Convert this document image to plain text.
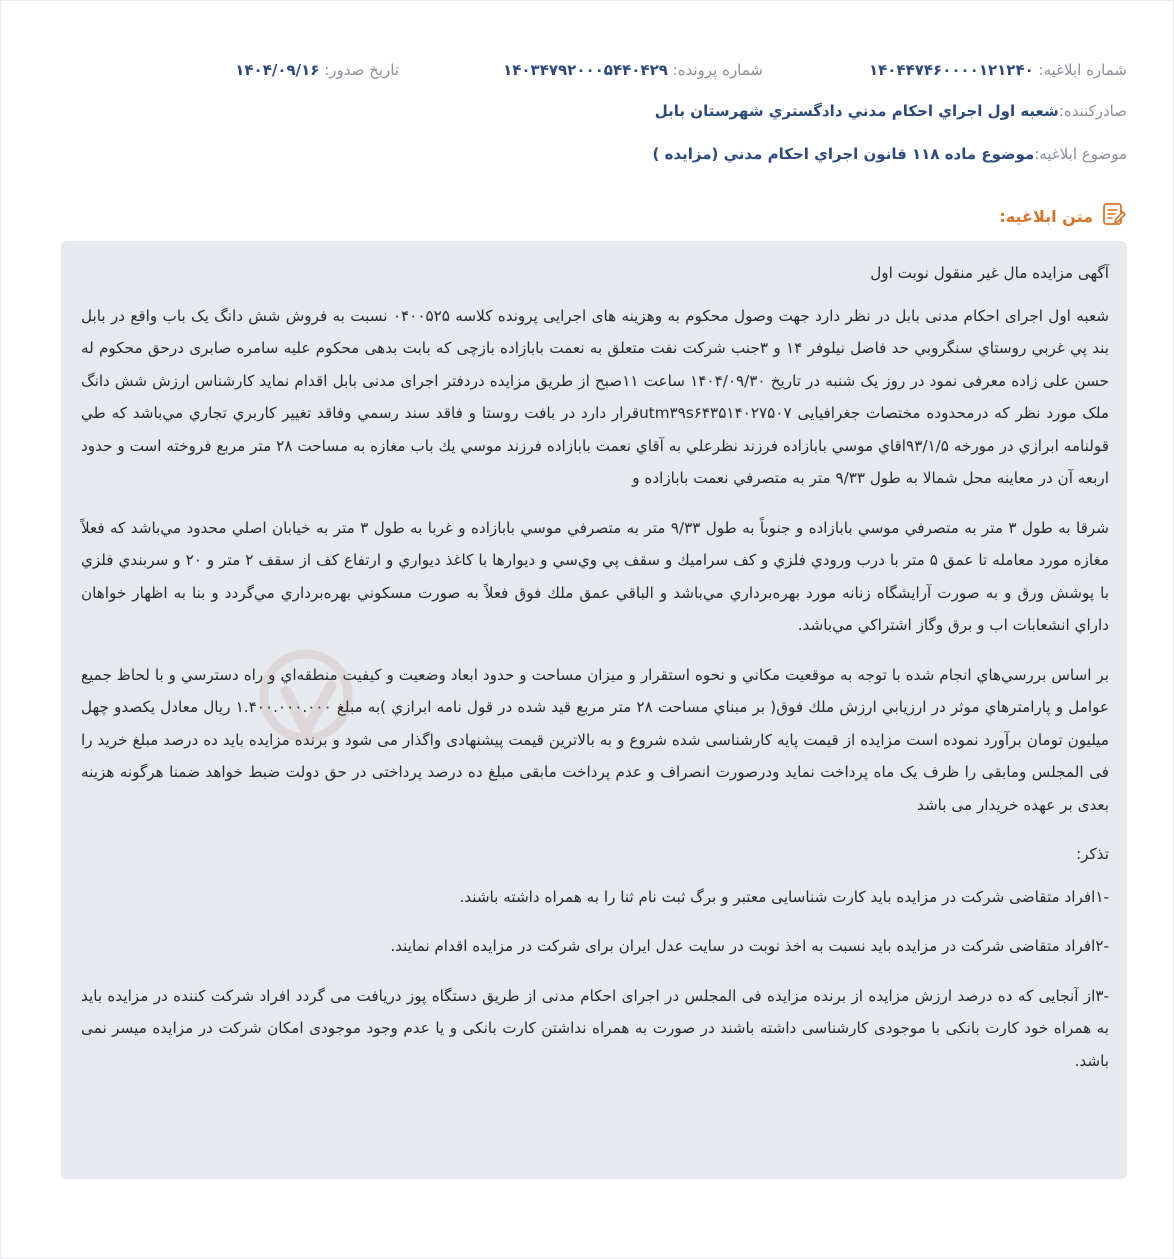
شماره ابلاغیه: ۱۴۰۴۴۷۴۶۰۰۰۰۱۲۱۲۴۰
شماره پرونده: ۱۴۰۳۴۷۹۲۰۰۰۵۴۴۰۴۲۹
تاریخ صدور: ۱۴۰۴/۰۹/۱۶
صادرکننده:
شعبه اول اجراي احكام مدني دادگستري شهرستان بابل
موضوع ابلاغیه:
موضوع ماده ۱۱۸ قانون اجراي احكام مدني (مزايده )
متن ابلاغیه:

آگهی مزایده مال غیر منقول نوبت اول

شعبه اول اجرای احکام مدنی بابل در نظر دارد جهت وصول محکوم به وهزینه های اجرایی پرونده کلاسه ۰۴۰۰۵۲۵ نسبت به فروش شش دانگ یک باب واقع در بابل بند پي غربي روستاي سنگروبي حد فاصل نیلوفر ۱۴ و ۳جنب شرکت نفت متعلق به نعمت بابازاده بازچی که بابت بدهی محکوم علیه سامره صابری درحق محکوم له حسن علی زاده معرفی نمود در روز یک شنبه در تاریخ ۱۴۰۴/۰۹/۳۰ ساعت ۱۱صبح از طریق مزایده دردفتر اجرای مدنی بابل اقدام نماید کارشناس ارزش شش دانگ ملک مورد نظر که درمحدوده مختصات جغرافیایی utm۳۹s۶۴۳۵۱۴۰۲۷۵۰۷قرار دارد در بافت روستا و فاقد سند رسمي وفاقد تغيير كاربري تجاري مي‌باشد كه طي قولنامه ابرازي در مورخه ۹۳/۱/۵اقاي موسي بابازاده فرزند نظرعلي به آقاي نعمت بابازاده فرزند موسي يك باب مغازه به مساحت ۲۸ متر مربع فروخته است و حدود اربعه آن در معاينه محل شمالا به طول ۹/۳۳ متر به متصرفي نعمت بابازاده و

شرقا به طول ۳ متر به متصرفي موسي بابازاده و جنوباً به طول ۹/۳۳ متر به متصرفي موسي بابازاده و غربا به طول ۳ متر به خيابان اصلي محدود مي‌باشد كه فعلاً مغازه مورد معامله تا عمق ۵ متر با درب ورودي فلزي و كف سراميك و سقف پي وي‌سي و ديوارها با كاغذ ديواري و ارتفاع كف از سقف ۲ متر و ۲۰ و سربندي فلزي با پوشش ورق و به صورت آرايشگاه زنانه مورد بهره‌برداري مي‌باشد و الباقي عمق ملك فوق فعلاً به صورت مسكوني بهره‌برداري مي‌گردد و بنا به اظهار خواهان داراي انشعابات اب و برق وگاز اشتراكي مي‌باشد.

بر اساس بررسي‌هاي انجام شده با توجه به موقعيت مكاني و نحوه استقرار و ميزان مساحت و حدود ابعاد وضعيت و كيفيت منطقه‌اي و راه دسترسي و با لحاظ جميع عوامل و پارامترهاي موثر در ارزيابي ارزش ملك فوق( بر مبناي مساحت ۲۸ متر مربع قيد شده در قول نامه ابرازي )به مبلغ ۱.۴۰۰.۰۰۰.۰۰۰ ريال معادل یکصدو چهل میلیون تومان برآورد نموده است مزایده از قیمت پایه کارشناسی شده شروع و به بالاترین قیمت پیشنهادی واگذار می شود و برنده مزایده باید ده درصد مبلغ خرید را فی المجلس ومابقی را ظرف یک ماه پرداخت نماید ودرصورت انصراف و عدم پرداخت مابقی مبلغ ده درصد پرداختی در حق دولت ضبط خواهد ضمنا هرگونه هزینه بعدی بر عهده خریدار می باشد

تذکر:

-۱افراد متقاضی شرکت در مزایده باید کارت شناسایی معتبر و برگ ثبت نام ثنا را به همراه داشته باشند.

-۲افراد متقاضی شرکت در مزایده باید نسبت به اخذ نوبت در سایت عدل ایران برای شرکت در مزایده اقدام نمایند.

-۳از آنجایی که ده درصد ارزش مزایده از برنده مزایده فی المجلس در اجرای احکام مدنی از طریق دستگاه پوز دریافت می گردد افراد شرکت کننده در مزایده باید به همراه خود کارت بانکی با موجودی کارشناسی داشته باشند در صورت به همراه نداشتن کارت بانکی و یا عدم وجود موجودی امکان شرکت در مزایده میسر نمی باشد.
